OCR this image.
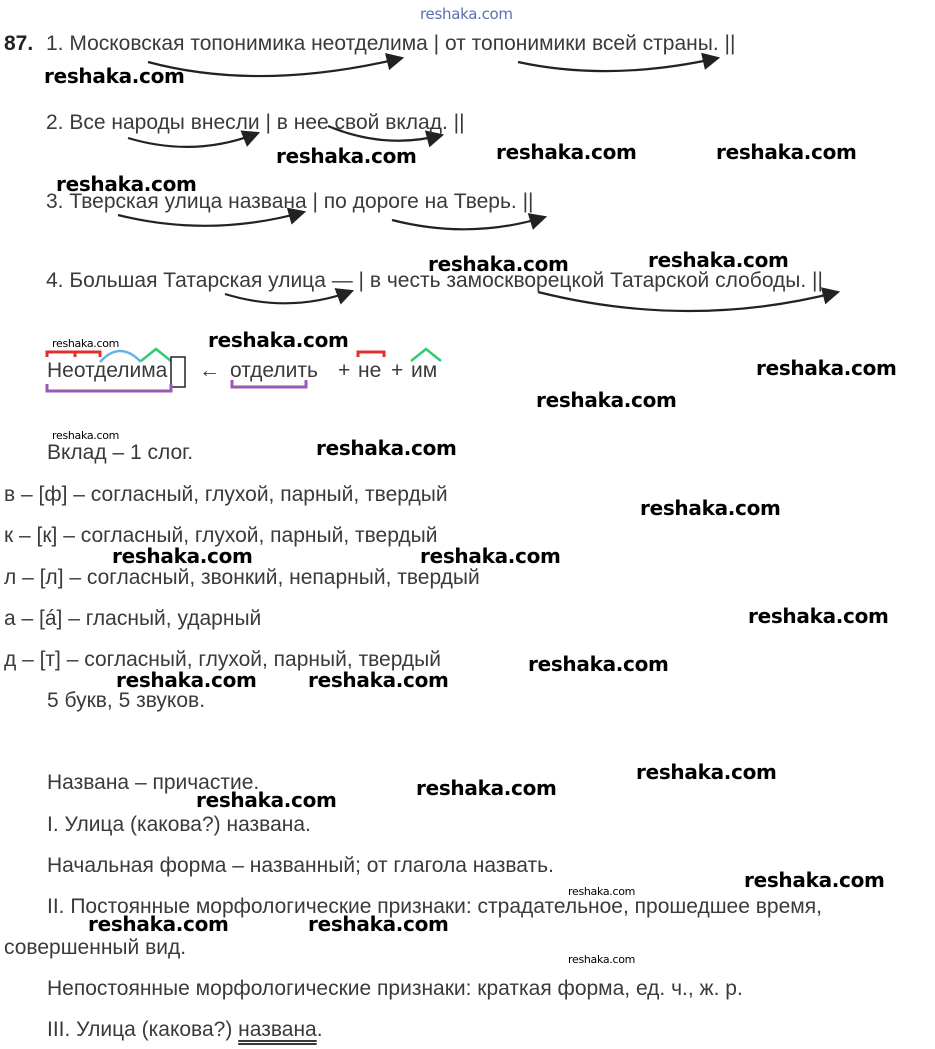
reshaka.com
87. 1. Московская топонимика неотделима | от топонимики всей страны. ||
2. Все народы внесли | в нее свой вклад. ||
3. Тверская улица названа | по дороге на Тверь. ||
4. Большая Татарская улица — | в честь замоскворецкой Татарской слободы. ||
Неотделима ← отделить + не + им
Вклад – 1 слог.
в – [ф] – согласный, глухой, парный, твердый
к – [к] – согласный, глухой, парный, твердый
л – [л] – согласный, звонкий, непарный, твердый
а – [á] – гласный, ударный
д – [т] – согласный, глухой, парный, твердый
5 букв, 5 звуков.
Названа – причастие.
I. Улица (какова?) названа.
Начальная форма – названный; от глагола назвать.
II. Постоянные морфологические признаки: страдательное, прошедшее время,
совершенный вид.
Непостоянные морфологические признаки: краткая форма, ед. ч., ж. р.
III. Улица (какова?) названа.
reshaka.com
reshaka.com	reshaka.com	reshaka.com
reshaka.com
reshaka.com	reshaka.com
reshaka.com	reshaka.com
reshaka.com
reshaka.com
reshaka.com
reshaka.com
reshaka.com
reshaka.com	reshaka.com
reshaka.com
reshaka.com
reshaka.com	reshaka.com
reshaka.com
reshaka.com
reshaka.com
reshaka.com
reshaka.com
reshaka.com	reshaka.com
reshaka.com
